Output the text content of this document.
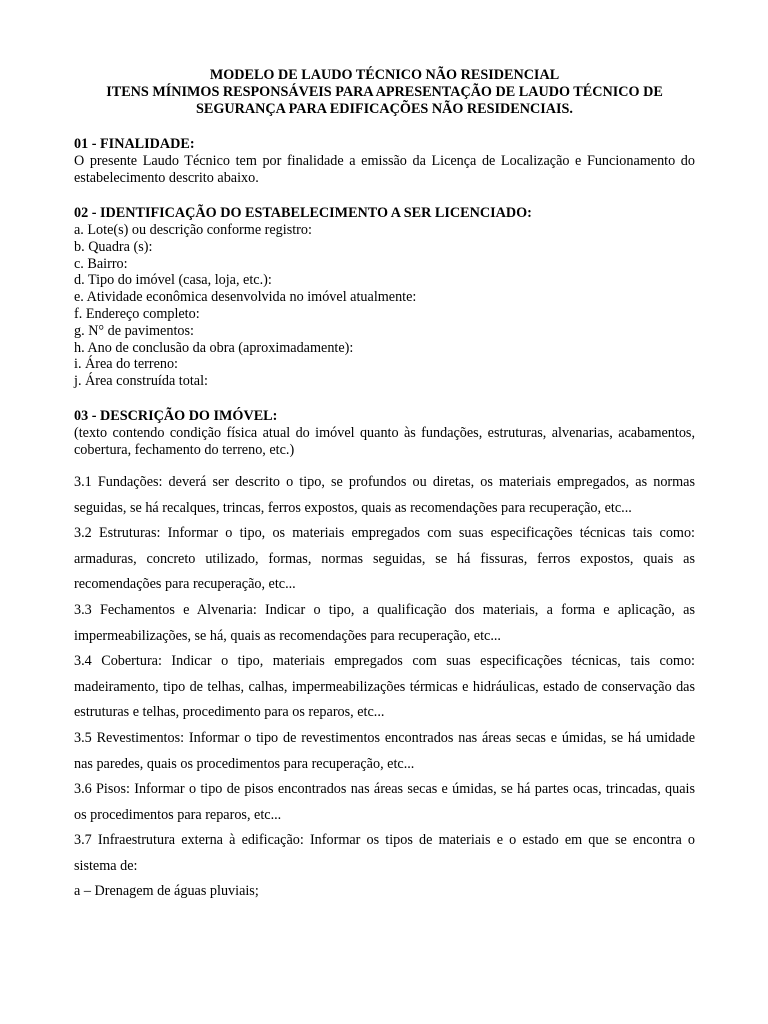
MODELO DE LAUDO TÉCNICO NÃO RESIDENCIAL
ITENS MÍNIMOS RESPONSÁVEIS PARA APRESENTAÇÃO DE LAUDO TÉCNICO DE
SEGURANÇA PARA EDIFICAÇÕES NÃO RESIDENCIAIS.
01 - FINALIDADE:
O presente Laudo Técnico tem por finalidade a emissão da Licença de Localização e Funcionamento do estabelecimento descrito abaixo.
02 - IDENTIFICAÇÃO DO ESTABELECIMENTO A SER LICENCIADO:
a. Lote(s) ou descrição conforme registro:
b. Quadra (s):
c. Bairro:
d. Tipo do imóvel (casa, loja, etc.):
e. Atividade econômica desenvolvida no imóvel atualmente:
f. Endereço completo:
g. N° de pavimentos:
h. Ano de conclusão da obra (aproximadamente):
i. Área do terreno:
j. Área construída total:
03 - DESCRIÇÃO DO IMÓVEL:
(texto contendo condição física atual do imóvel quanto às fundações, estruturas, alvenarias, acabamentos, cobertura, fechamento do terreno, etc.)
3.1 Fundações: deverá ser descrito o tipo, se profundos ou diretas, os materiais empregados, as normas seguidas, se há recalques, trincas, ferros expostos, quais as recomendações para recuperação, etc...
3.2 Estruturas: Informar o tipo, os materiais empregados com suas especificações técnicas tais como: armaduras, concreto utilizado, formas, normas seguidas, se há fissuras, ferros expostos, quais as recomendações para recuperação, etc...
3.3 Fechamentos e Alvenaria: Indicar o tipo, a qualificação dos materiais, a forma e aplicação, as impermeabilizações, se há, quais as recomendações para recuperação, etc...
3.4 Cobertura: Indicar o tipo, materiais empregados com suas especificações técnicas, tais como: madeiramento, tipo de telhas, calhas, impermeabilizações térmicas e hidráulicas, estado de conservação das estruturas e telhas, procedimento para os reparos, etc...
3.5 Revestimentos: Informar o tipo de revestimentos encontrados nas áreas secas e úmidas, se há umidade nas paredes, quais os procedimentos para recuperação, etc...
3.6 Pisos: Informar o tipo de pisos encontrados nas áreas secas e úmidas, se há partes ocas, trincadas, quais os procedimentos para reparos, etc...
3.7 Infraestrutura externa à edificação: Informar os tipos de materiais e o estado em que se encontra o sistema de:
a – Drenagem de águas pluviais;
